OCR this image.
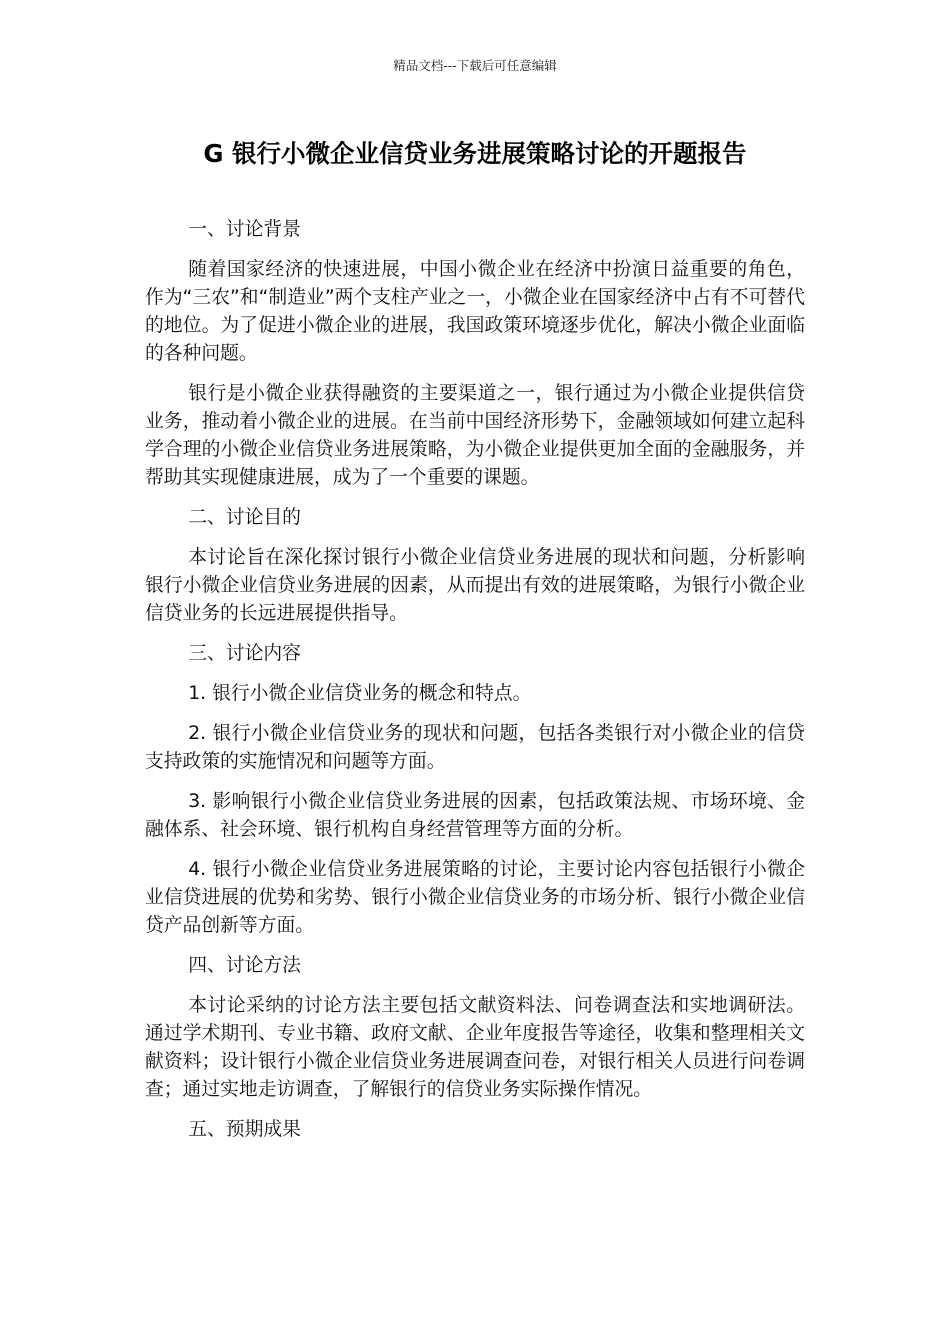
精品文档---下载后可任意编辑
G 银行小微企业信贷业务进展策略讨论的开题报告

一、讨论背景

随着国家经济的快速进展，中国小微企业在经济中扮演日益重要的角色，作为“三农”和“制造业”两个支柱产业之一，小微企业在国家经济中占有不可替代的地位。为了促进小微企业的进展，我国政策环境逐步优化，解决小微企业面临的各种问题。

银行是小微企业获得融资的主要渠道之一，银行通过为小微企业提供信贷业务，推动着小微企业的进展。在当前中国经济形势下，金融领域如何建立起科学合理的小微企业信贷业务进展策略，为小微企业提供更加全面的金融服务，并帮助其实现健康进展，成为了一个重要的课题。

二、讨论目的

本讨论旨在深化探讨银行小微企业信贷业务进展的现状和问题，分析影响银行小微企业信贷业务进展的因素，从而提出有效的进展策略，为银行小微企业信贷业务的长远进展提供指导。

三、讨论内容

1. 银行小微企业信贷业务的概念和特点。

2. 银行小微企业信贷业务的现状和问题，包括各类银行对小微企业的信贷支持政策的实施情况和问题等方面。

3. 影响银行小微企业信贷业务进展的因素，包括政策法规、市场环境、金融体系、社会环境、银行机构自身经营管理等方面的分析。

4. 银行小微企业信贷业务进展策略的讨论，主要讨论内容包括银行小微企业信贷进展的优势和劣势、银行小微企业信贷业务的市场分析、银行小微企业信贷产品创新等方面。

四、讨论方法

本讨论采纳的讨论方法主要包括文献资料法、问卷调查法和实地调研法。通过学术期刊、专业书籍、政府文献、企业年度报告等途径，收集和整理相关文献资料；设计银行小微企业信贷业务进展调查问卷，对银行相关人员进行问卷调查；通过实地走访调查，了解银行的信贷业务实际操作情况。

五、预期成果
